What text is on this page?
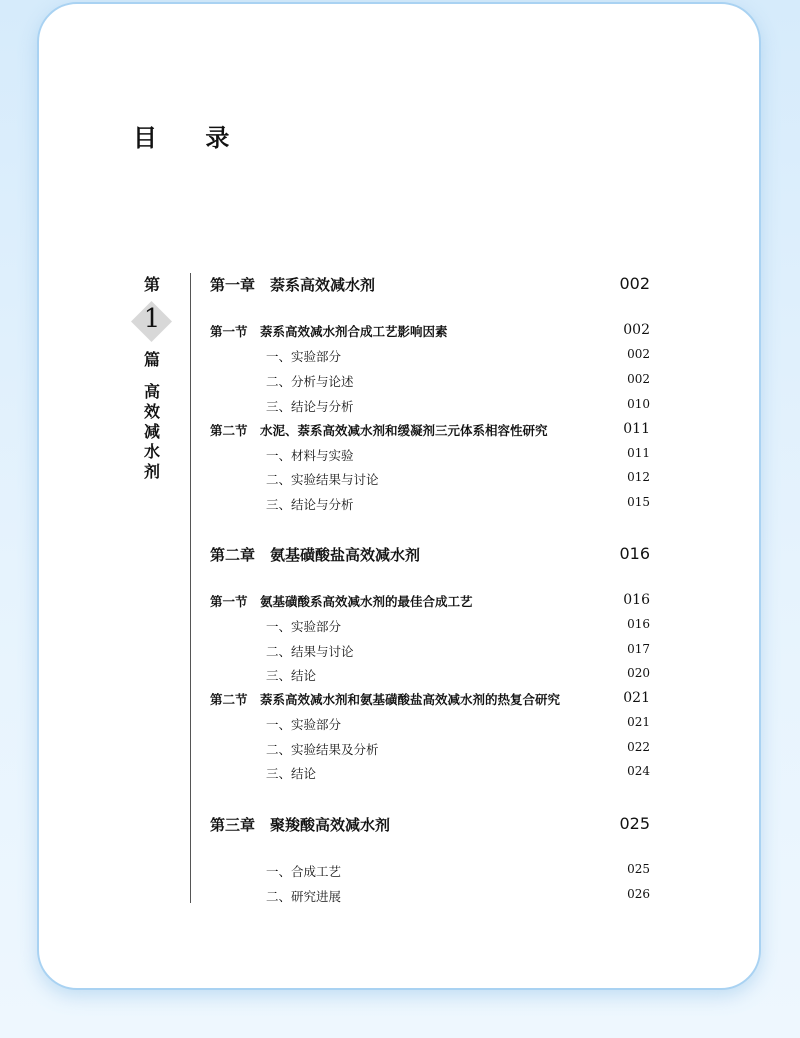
目 录
第
1
篇
高效减水剂
第一章　萘系高效减水剂	002
第一节　萘系高效减水剂合成工艺影响因素	002
一、实验部分	002
二、分析与论述	002
三、结论与分析	010
第二节　水泥、萘系高效减水剂和缓凝剂三元体系相容性研究	011
一、材料与实验	011
二、实验结果与讨论	012
三、结论与分析	015
第二章　氨基磺酸盐高效减水剂	016
第一节　氨基磺酸系高效减水剂的最佳合成工艺	016
一、实验部分	016
二、结果与讨论	017
三、结论	020
第二节　萘系高效减水剂和氨基磺酸盐高效减水剂的热复合研究	021
一、实验部分	021
二、实验结果及分析	022
三、结论	024
第三章　聚羧酸高效减水剂	025
一、合成工艺	025
二、研究进展	026
